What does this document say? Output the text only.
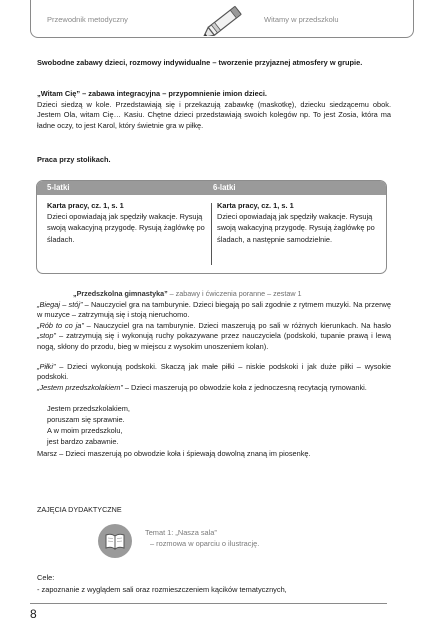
Przewodnik metodyczny	Witamy w przedszkolu

Swobodne zabawy dzieci, rozmowy indywidualne – tworzenie przyjaznej atmosfery w grupie.

„Witam Cię” – zabawa integracyjna – przypomnienie imion dzieci.

Dzieci siedzą w kole. Przedstawiają się i przekazują zabawkę (maskotkę), dziecku siedzącemu obok. Jestem Ola, witam Cię… Kasiu. Chętne dzieci przedstawiają swoich kolegów np. To jest Zosia, która ma ładne oczy, to jest Karol, który świetnie gra w piłkę.

Praca przy stolikach.

5-latki	6-latki
Karta pracy, cz. 1, s. 1
Dzieci opowiadają jak spędziły wakacje. Rysują swoją wakacyjną przygodę. Rysują żaglówkę po śladach.
Karta pracy, cz. 1, s. 1
Dzieci opowiadają jak spędziły wakacje. Rysują swoją wakacyjną przygodę. Rysują żaglówkę po śladach, a następnie samodzielnie.
„Przedszkolna gimnastyka” – zabawy i ćwiczenia poranne – zestaw 1

„Biegaj – stój” – Nauczyciel gra na tamburynie. Dzieci biegają po sali zgodnie z rytmem muzyki. Na przerwę w muzyce – zatrzymują się i stoją nieruchomo.

„Rób to co ja” – Nauczyciel gra na tamburynie. Dzieci maszerują po sali w różnych kierunkach. Na hasło „stop” – zatrzymują się i wykonują ruchy pokazywane przez nauczyciela (podskoki, tupanie prawą i lewą nogą, skłony do przodu, bieg w miejscu z wysokim unoszeniem kolan).

„Piłki” – Dzieci wykonują podskoki. Skaczą jak małe piłki – niskie podskoki i jak duże piłki – wysokie podskoki.

„Jestem przedszkolakiem” – Dzieci maszerują po obwodzie koła z jednoczesną recytacją rymowanki.

Jestem przedszkolakiem,

poruszam się sprawnie.

A w moim przedszkolu,

jest bardzo zabawnie.

Marsz – Dzieci maszerują po obwodzie koła i śpiewają dowolną znaną im piosenkę.

ZAJĘCIA DYDAKTYCZNE

Temat 1: „Nasza sala”
– rozmowa w oparciu o ilustrację.

Cele:

- zapoznanie z wyglądem sali oraz rozmieszczeniem kącików tematycznych,

8
